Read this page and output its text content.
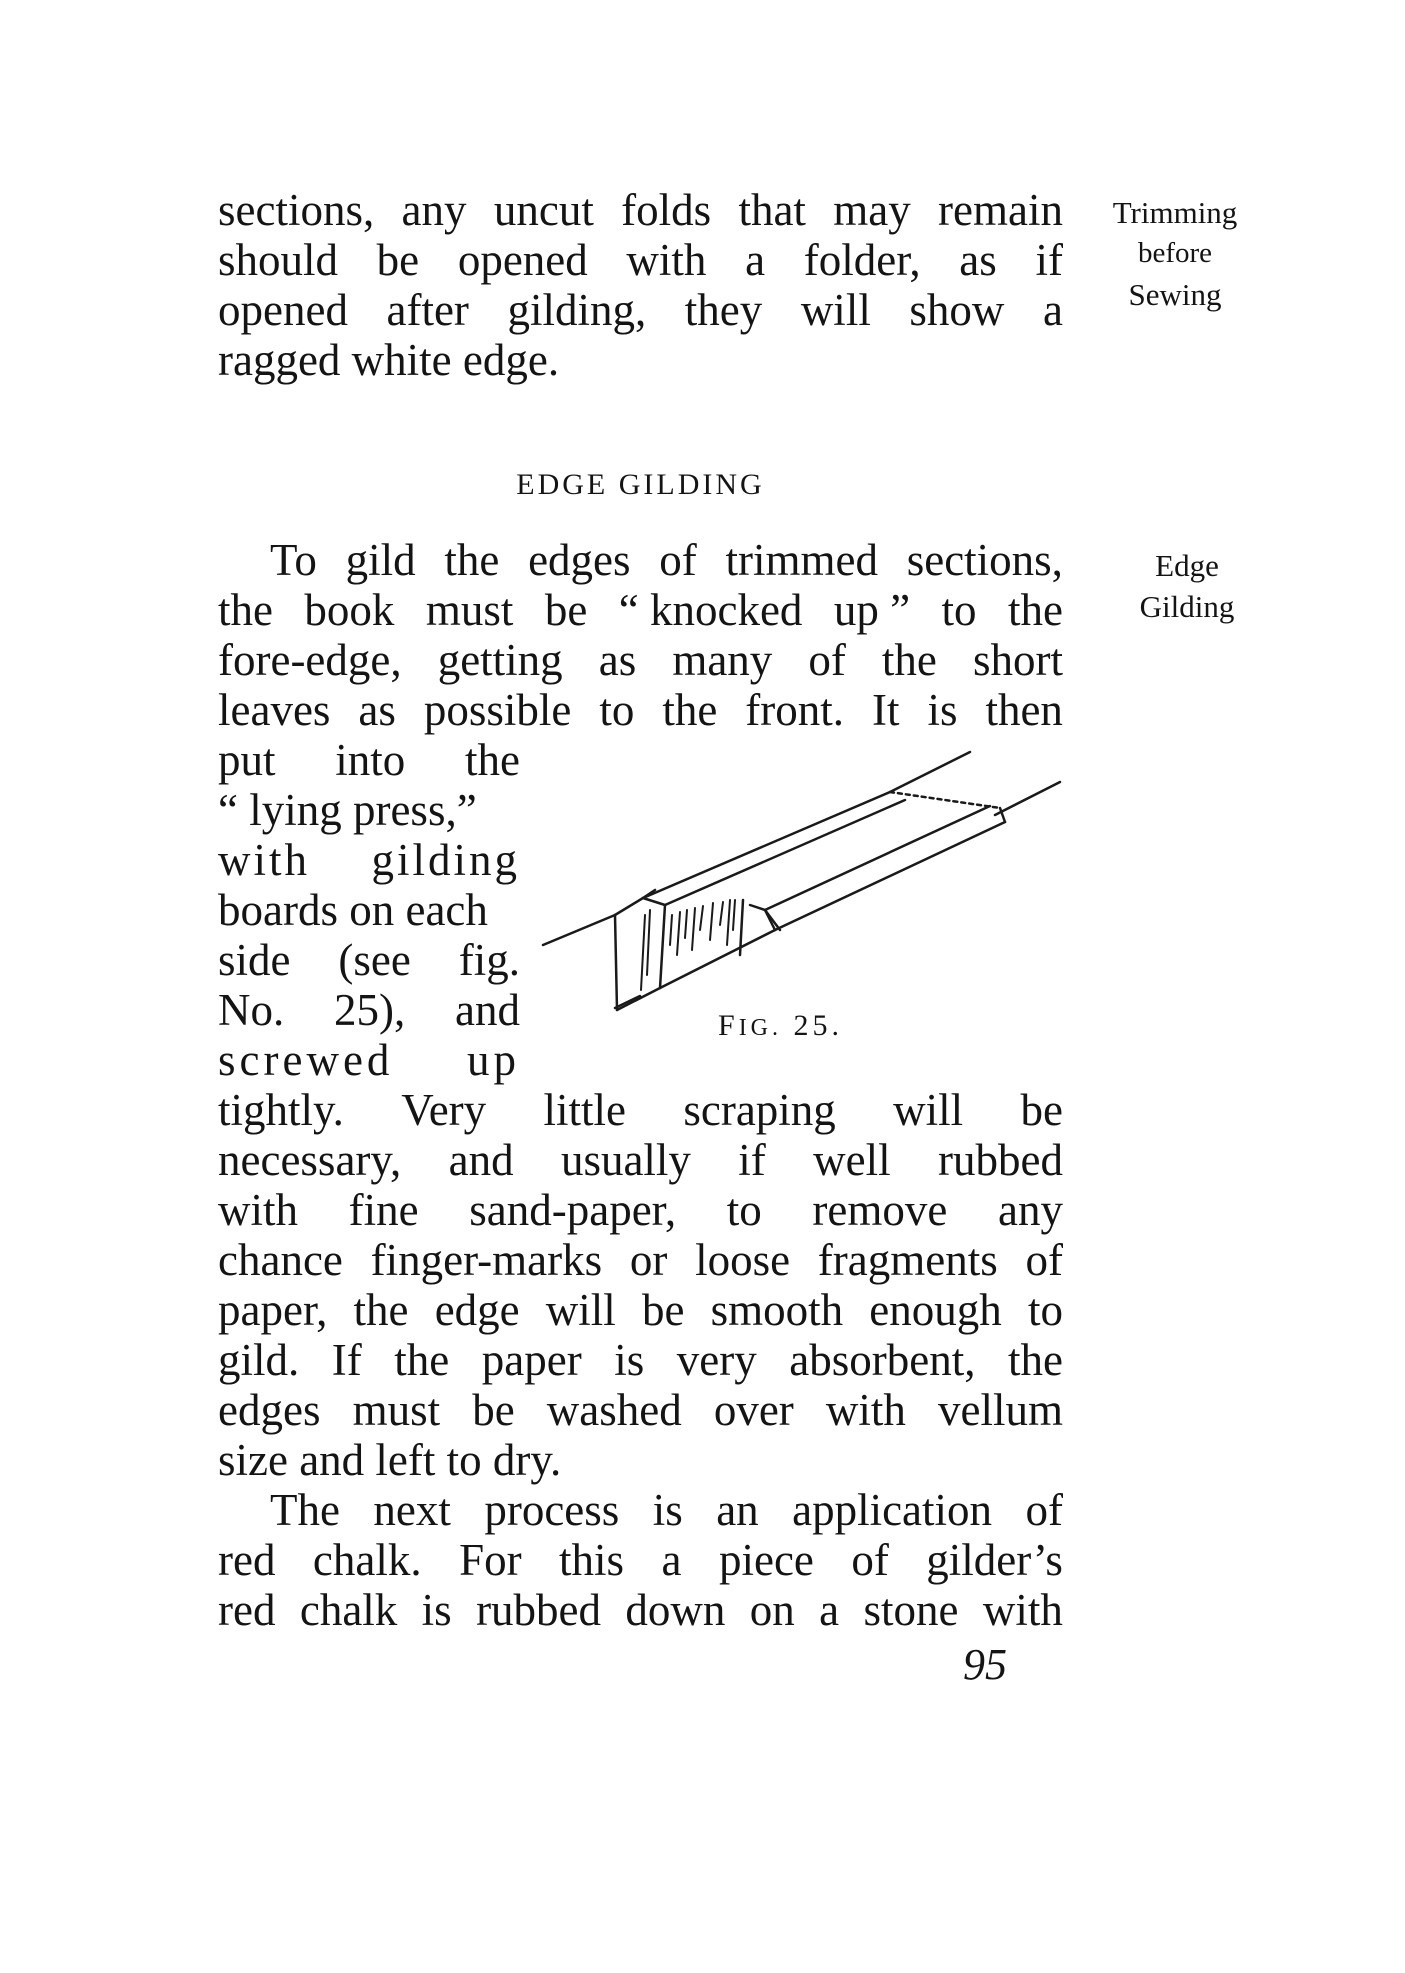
sections, any uncut folds that may remain
should be opened with a folder, as if
opened after gilding, they will show a
ragged white edge.
Trimming
before
Sewing
EDGE GILDING
Edge
Gilding
To gild the edges of trimmed sections,
the book must be “ knocked up ” to the
fore-edge, getting as many of the short
leaves as possible to the front. It is then
put into the
“ lying press,”
with gilding
boards on each
side (see fig.
No. 25), and
screwed up
FIG. 25.
tightly. Very little scraping will be
necessary, and usually if well rubbed
with fine sand-paper, to remove any
chance finger-marks or loose fragments of
paper, the edge will be smooth enough to
gild. If the paper is very absorbent, the
edges must be washed over with vellum
size and left to dry.
The next process is an application of
red chalk. For this a piece of gilder’s
red chalk is rubbed down on a stone with
95
